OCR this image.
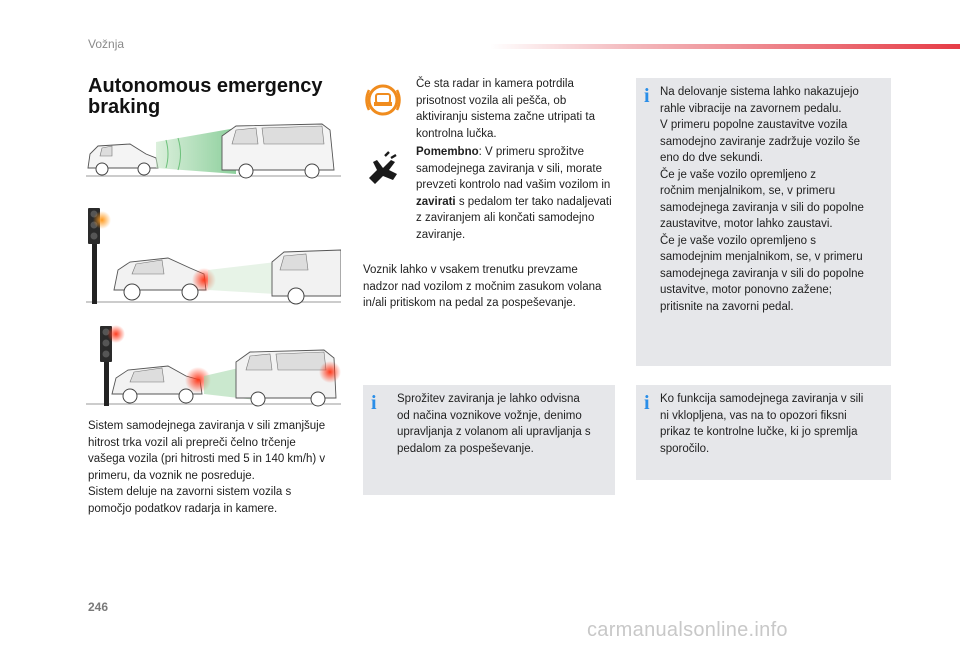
Vožnja
Autonomous emergency
braking
Sistem samodejnega zaviranja v sili zmanjšuje
hitrost trka vozil ali prepreči čelno trčenje
vašega vozila (pri hitrosti med 5 in 140 km/h) v
primeru, da voznik ne posreduje.
Sistem deluje na zavorni sistem vozila s
pomočjo podatkov radarja in kamere.
Če sta radar in kamera potrdila prisotnost vozila ali pešča, ob aktiviranju sistema začne utripati ta kontrolna lučka.
Pomembno: V primeru sprožitve samodejnega zaviranja v sili, morate prevzeti kontrolo nad vašim vozilom in zavirati s pedalom ter tako nadaljevati z zaviranjem ali končati samodejno zaviranje.
Voznik lahko v vsakem trenutku prevzame nadzor nad vozilom z močnim zasukom volana in/ali pritiskom na pedal za pospeševanje.
i Na delovanje sistema lahko nakazujejo
rahle vibracije na zavornem pedalu.
V primeru popolne zaustavitve vozila
samodejno zaviranje zadržuje vozilo še
eno do dve sekundi.
Če je vaše vozilo opremljeno z
ročnim menjalnikom, se, v primeru
samodejnega zaviranja v sili do popolne
zaustavitve, motor lahko zaustavi.
Če je vaše vozilo opremljeno s
samodejnim menjalnikom, se, v primeru
samodejnega zaviranja v sili do popolne
ustavitve, motor ponovno zažene;
pritisnite na zavorni pedal.
i	Sprožitev zaviranja je lahko odvisna
od načina voznikove vožnje, denimo
upravljanja z volanom ali upravljanja s
pedalom za pospeševanje.
i Ko funkcija samodejnega zaviranja v sili
ni vklopljena, vas na to opozori fiksni
prikaz te kontrolne lučke, ki jo spremlja
sporočilo.
246
carmanualsonline.info
